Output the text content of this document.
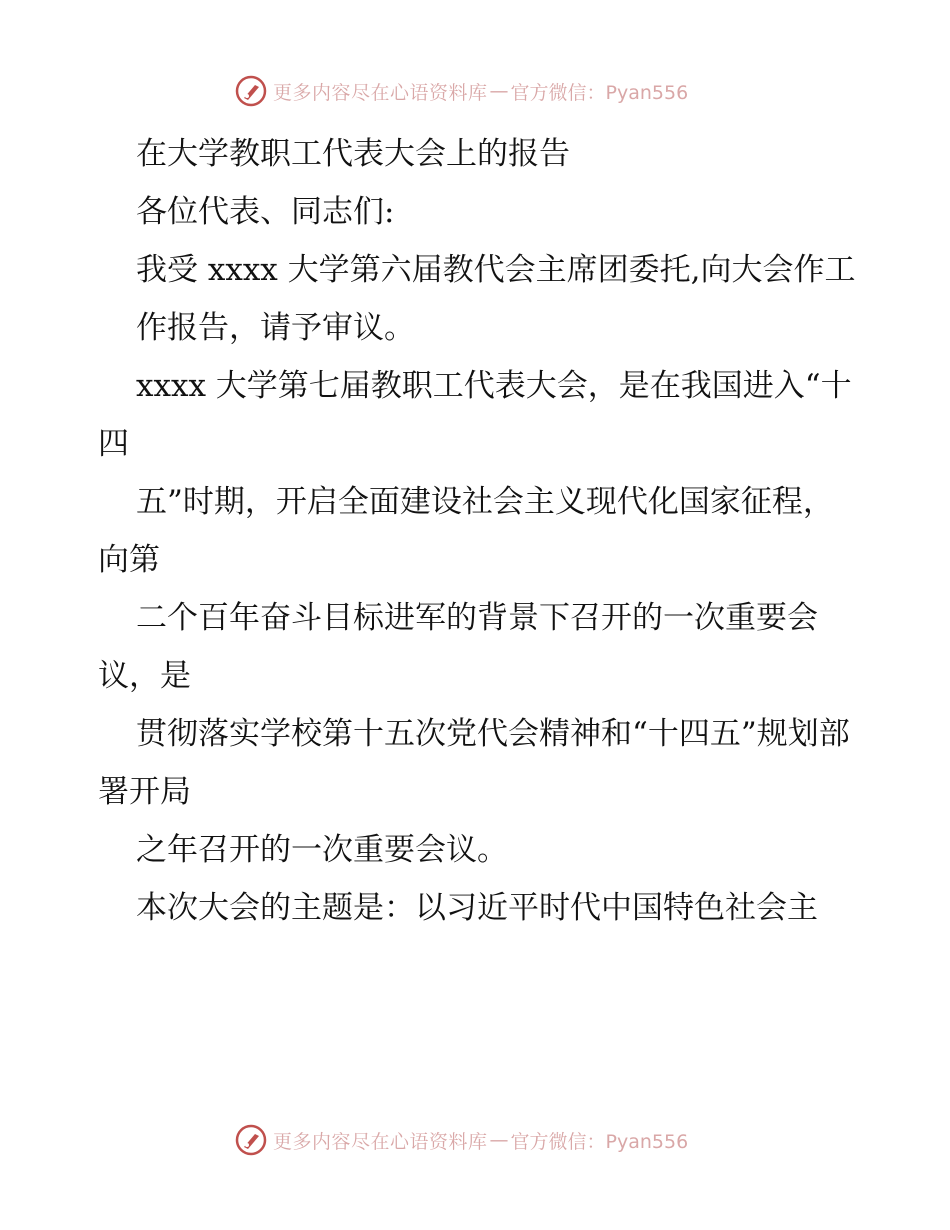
更多内容尽在心语资料库 — 官方微信：Pyan556

在大学教职工代表大会上的报告

各位代表、同志们:

我受 xxxx 大学第六届教代会主席团委托,向大会作工

作报告，请予审议。

xxxx 大学第七届教职工代表大会，是在我国进入“十四

五”时期，开启全面建设社会主义现代化国家征程，向第

二个百年奋斗目标进军的背景下召开的一次重要会议，是

贯彻落实学校第十五次党代会精神和“十四五”规划部署开局

之年召开的一次重要会议。

本次大会的主题是：以习近平时代中国特色社会主

更多内容尽在心语资料库 — 官方微信：Pyan556
